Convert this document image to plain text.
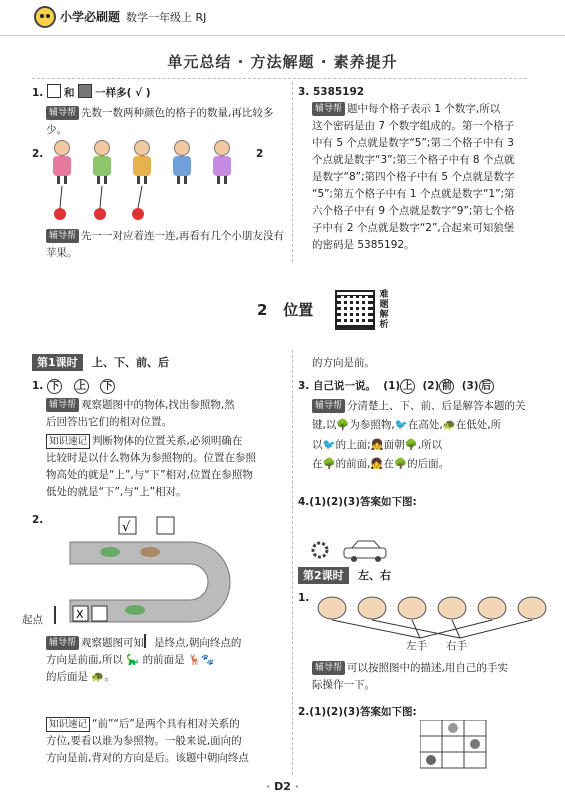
小学必刷题 数学一年级上 RJ
单元总结 · 方法解题 · 素养提升
1. 和 一样多( √ )
辅导帮 先数一数两种颜色的格子的数量,再比较多少。
2.	2
辅导帮 先一一对应着连一连,再看有几个小朋友没有苹果。
3. 5385192
辅导帮 题中每个格子表示 1 个数字,所以
这个密码是由 7 个数字组成的。第一个格子
中有 5 个点就是数字“5”;第二个格子中有 3
个点就是数字“3”;第三个格子中有 8 个点就
是数字“8”;第四个格子中有 5 个点就是数字
“5”;第五个格子中有 1 个点就是数字“1”;第
六个格子中有 9 个点就是数字“9”;第七个格
子中有 2 个点就是数字“2”,合起来可知狼堡
的密码是 5385192。
2 位置
难题解析
第1课时 上、下、前、后
1. 下 上 下
辅导帮 观察题图中的物体,找出参照物,然
后回答出它们的相对位置。
知识速记 判断物体的位置关系,必须明确在
比较时是以什么物体为参照物的。位置在参照
物高处的就是“上”,与“下”相对,位置在参照物
低处的就是“下”,与“上”相对。
2.	√
X
起点
辅导帮 观察题图可知 是终点,朝向终点的
方向是前面,所以 🦕 的前面是 🦌🐾
的后面是 🐢。
知识速记 “前”“后”是两个具有相对关系的
方位,要看以谁为参照物。一般来说,面向的
方向是前,背对的方向是后。该题中朝向终点
的方向是前。
3. 自己说一说。 (1) 上 (2) 前 (3) 后
辅导帮 分清楚上、下、前、后是解答本题的关
键,以🌳为参照物,🐦在高处,🐢在低处,所
以🐦的上面;👧面朝🌳,所以
在🌳的前面,👧在🌳的后面。
4.(1)(2)(3)答案如下图:
第2课时 左、右
1.
左手 右手
辅导帮 可以按照图中的描述,用自己的手实
际操作一下。
2.(1)(2)(3)答案如下图:
· D2 ·
